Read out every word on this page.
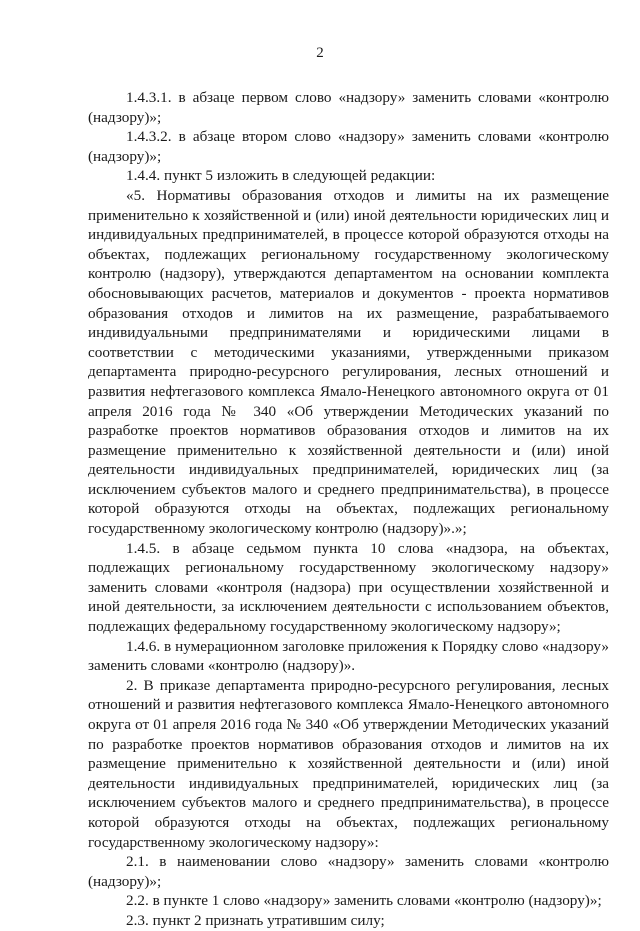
2

1.4.3.1. в абзаце первом слово «надзору» заменить словами «контролю (надзору)»;

1.4.3.2. в абзаце втором слово «надзору» заменить словами «контролю (надзору)»;

1.4.4. пункт 5 изложить в следующей редакции:

«5. Нормативы образования отходов и лимиты на их размещение применительно к хозяйственной и (или) иной деятельности юридических лиц и индивидуальных предпринимателей, в процессе которой образуются отходы на объектах, подлежащих региональному государственному экологическому контролю (надзору), утверждаются департаментом на основании комплекта обосновывающих расчетов, материалов и документов - проекта нормативов образования отходов и лимитов на их размещение, разрабатываемого индивидуальными предпринимателями и юридическими лицами в соответствии с методическими указаниями, утвержденными приказом департамента природно-ресурсного регулирования, лесных отношений и развития нефтегазового комплекса Ямало-Ненецкого автономного округа от 01 апреля 2016 года № 340 «Об утверждении Методических указаний по разработке проектов нормативов образования отходов и лимитов на их размещение применительно к хозяйственной деятельности и (или) иной деятельности индивидуальных предпринимателей, юридических лиц (за исключением субъектов малого и среднего предпринимательства), в процессе которой образуются отходы на объектах, подлежащих региональному государственному экологическому контролю (надзору)».»;

1.4.5. в абзаце седьмом пункта 10 слова «надзора, на объектах, подлежащих региональному государственному экологическому надзору» заменить словами «контроля (надзора) при осуществлении хозяйственной и иной деятельности, за исключением деятельности с использованием объектов, подлежащих федеральному государственному экологическому надзору»;

1.4.6. в нумерационном заголовке приложения к Порядку слово «надзору» заменить словами «контролю (надзору)».

2. В приказе департамента природно-ресурсного регулирования, лесных отношений и развития нефтегазового комплекса Ямало-Ненецкого автономного округа от 01 апреля 2016 года № 340 «Об утверждении Методических указаний по разработке проектов нормативов образования отходов и лимитов на их размещение применительно к хозяйственной деятельности и (или) иной деятельности индивидуальных предпринимателей, юридических лиц (за исключением субъектов малого и среднего предпринимательства), в процессе которой образуются отходы на объектах, подлежащих региональному государственному экологическому надзору»:

2.1. в наименовании слово «надзору» заменить словами «контролю (надзору)»;

2.2. в пункте 1 слово «надзору» заменить словами «контролю (надзору)»;

2.3. пункт 2 признать утратившим силу;
